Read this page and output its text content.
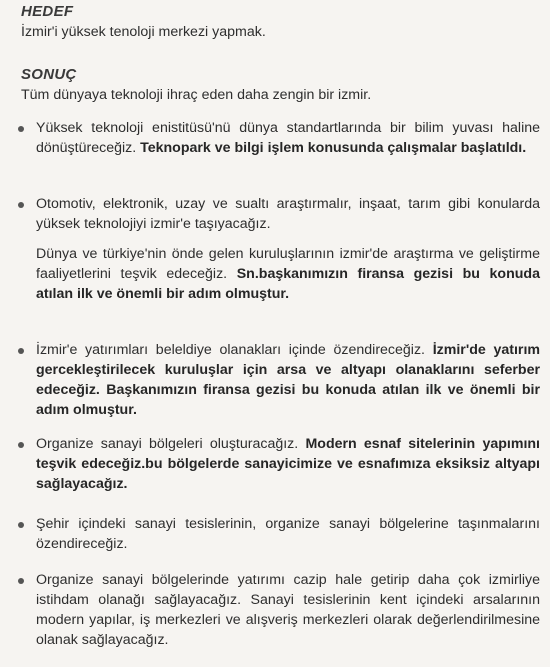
HEDEF
İzmir'i yüksek tenoloji merkezi yapmak.
SONUÇ
Tüm dünyaya teknoloji ihraç eden daha zengin bir izmir.
Yüksek teknoloji enistitüsü'nü dünya standartlarında bir bilim yuvası haline dönüştüreceğiz. Teknopark ve bilgi işlem konusunda çalışmalar başlatıldı.
Otomotiv, elektronik, uzay ve sualtı araştırmalır, inşaat, tarım gibi konularda yüksek teknolojiyi izmir'e taşıyacağız.
Dünya ve türkiye'nin önde gelen kuruluşlarının izmir'de araştırma ve geliştirme faaliyetlerini teşvik edeceğiz. Sn.başkanımızın firansa gezisi bu konuda atılan ilk ve önemli bir adım olmuştur.
İzmir'e yatırımları beleldiye olanakları içinde özendireceğiz. İzmir'de yatırım gercekleştirilecek kuruluşlar için arsa ve altyapı olanaklarını seferber edeceğiz. Başkanımızın firansa gezisi bu konuda atılan ilk ve önemli bir adım olmuştur.
Organize sanayi bölgeleri oluşturacağız. Modern esnaf sitelerinin yapımını teşvik edeceğiz.bu bölgelerde sanayicimize ve esnafımıza eksiksiz altyapı sağlayacağız.
Şehir içindeki sanayi tesislerinin, organize sanayi bölgelerine taşınmalarını özendireceğiz.
Organize sanayi bölgelerinde yatırımı cazip hale getirip daha çok izmirliye istihdam olanağı sağlayacağız. Sanayi tesislerinin kent içindeki arsalarının modern yapılar, iş merkezleri ve alışveriş merkezleri olarak değerlendirilmesine olanak sağlayacağız.
